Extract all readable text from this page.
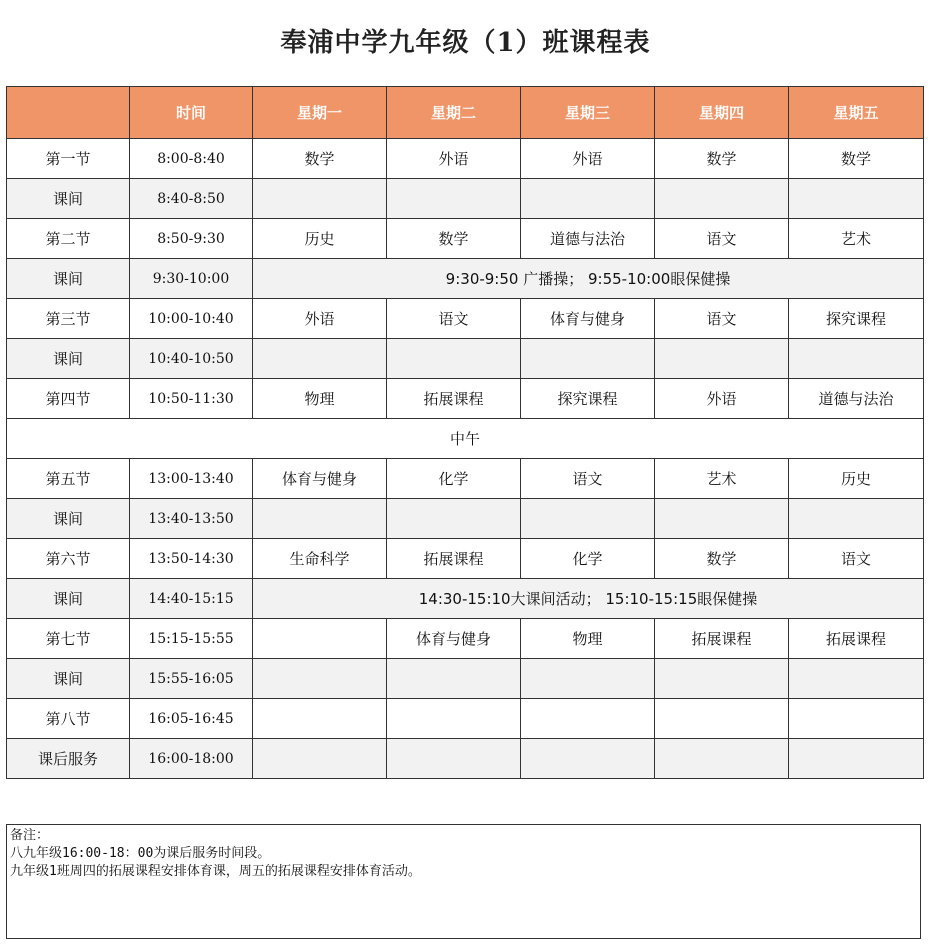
奉浦中学九年级（1）班课程表
	时间	星期一	星期二	星期三	星期四	星期五
第一节	8:00-8:40	数学	外语	外语	数学	数学
课间	8:40-8:50					
第二节	8:50-9:30	历史	数学	道德与法治	语文	艺术
课间	9:30-10:00	9:30-9:50 广播操； 9:55-10:00眼保健操				
第三节	10:00-10:40	外语	语文	体育与健身	语文	探究课程
课间	10:40-10:50					
第四节	10:50-11:30	物理	拓展课程	探究课程	外语	道德与法治
中午						
第五节	13:00-13:40	体育与健身	化学	语文	艺术	历史
课间	13:40-13:50					
第六节	13:50-14:30	生命科学	拓展课程	化学	数学	语文
课间	14:40-15:15	14:30-15:10大课间活动； 15:10-15:15眼保健操				
第七节	15:15-15:55		体育与健身	物理	拓展课程	拓展课程
课间	15:55-16:05					
第八节	16:05-16:45					
课后服务	16:00-18:00					
备注：
八九年级16:00-18：00为课后服务时间段。
九年级1班周四的拓展课程安排体育课，周五的拓展课程安排体育活动。
